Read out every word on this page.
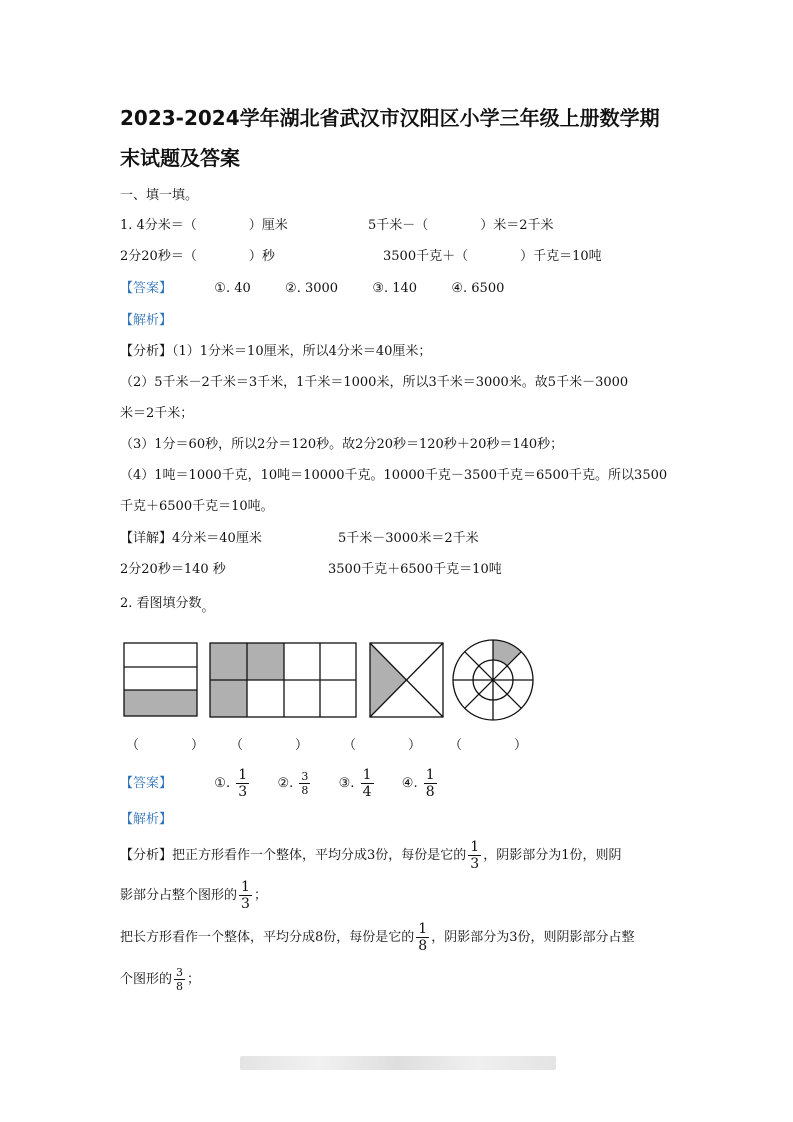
2023-2024学年湖北省武汉市汉阳区小学三年级上册数学期
末试题及答案
一、填一填。
1. 4分米＝（　　　　）厘米	5千米－（　　　　）米＝2千米
2分20秒＝（　　　　）秒	3500千克＋（　　　　）千克＝10吨
【答案】	①. 40	②. 3000	③. 140	④. 6500
【解析】
【分析】（1）1分米＝10厘米，所以4分米＝40厘米；
（2）5千米－2千米＝3千米，1千米＝1000米，所以3千米＝3000米。故5千米－3000
米＝2千米；
（3）1分＝60秒，所以2分＝120秒。故2分20秒＝120秒＋20秒＝140秒；
（4）1吨＝1000千克，10吨＝10000千克。10000千克－3500千克＝6500千克。所以3500
千克＋6500千克＝10吨。
【详解】4分米＝40厘米	5千米－3000米＝2千米
2分20秒＝140 秒	3500千克＋6500千克＝10吨
2. 看图填分数。
（　　　　） （　　　　）	（　　　　） （　　　　）
【答案】	①. $\frac{1}{3}$ ②. $\frac{3}{8}$ ③. $\frac{1}{4}$ ④. $\frac{1}{8}$
【解析】
【分析】把正方形看作一个整体，平均分成3份，每份是它的 $\frac{1}{3}$ ，阴影部分为1份，则阴
影部分占整个图形的 $\frac{1}{3}$ ；
把长方形看作一个整体，平均分成8份，每份是它的 $\frac{1}{8}$ ，阴影部分为3份，则阴影部分占整
个图形的 $\frac{3}{8}$ ；
